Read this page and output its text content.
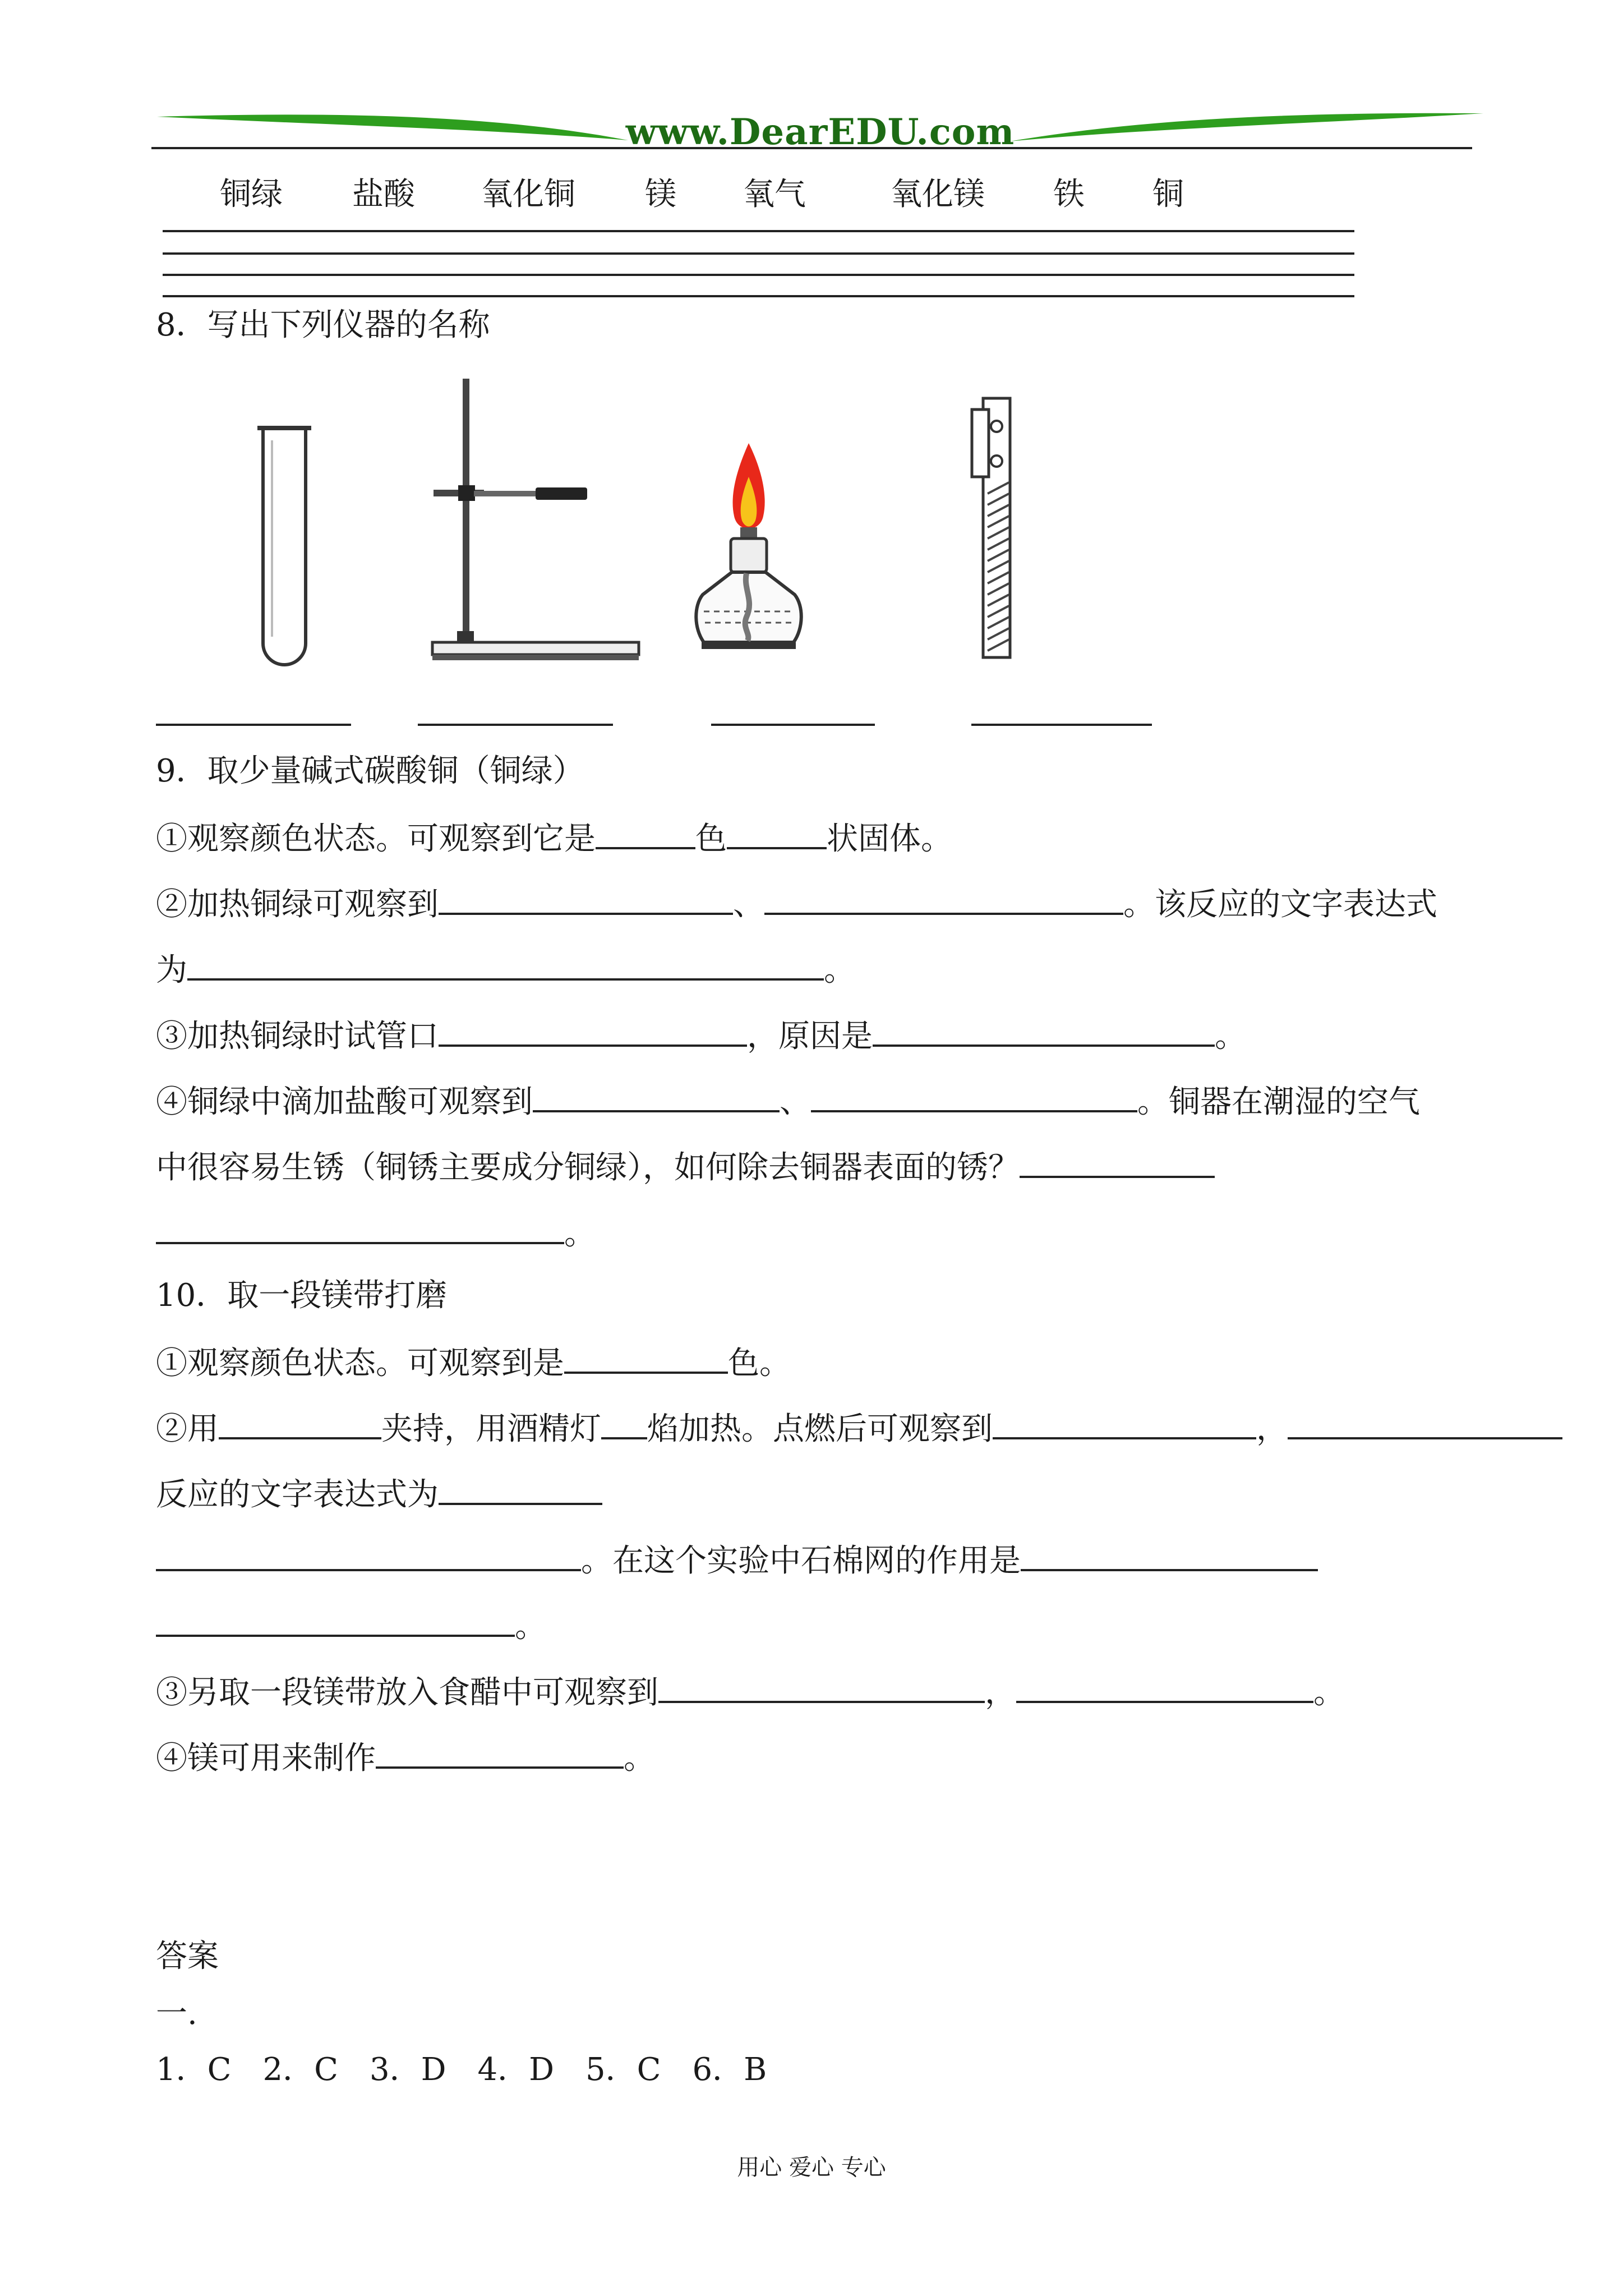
www.DearEDU.com
铜绿 盐酸 氧化铜 镁 氧气	氧化镁 铁 铜
8．写出下列仪器的名称
9．取少量碱式碳酸铜（铜绿）
①观察颜色状态。可观察到它是	色	状固体。
②加热铜绿可观察到	、	。该反应的文字表达式
为	。
③加热铜绿时试管口	，原因是	。
④铜绿中滴加盐酸可观察到	、	。铜器在潮湿的空气
中很容易生锈（铜锈主要成分铜绿），如何除去铜器表面的锈？
。
10．取一段镁带打磨
①观察颜色状态。可观察到是	色。
②用	夹持，用酒精灯 焰加热。点燃后可观察到	，
反应的文字表达式为
。在这个实验中石棉网的作用是
。
③另取一段镁带放入食醋中可观察到	，	。
④镁可用来制作	。
答案
一.
1．C　2．C　3．D　4．D　5．C　6．B
用心 爱心 专心
